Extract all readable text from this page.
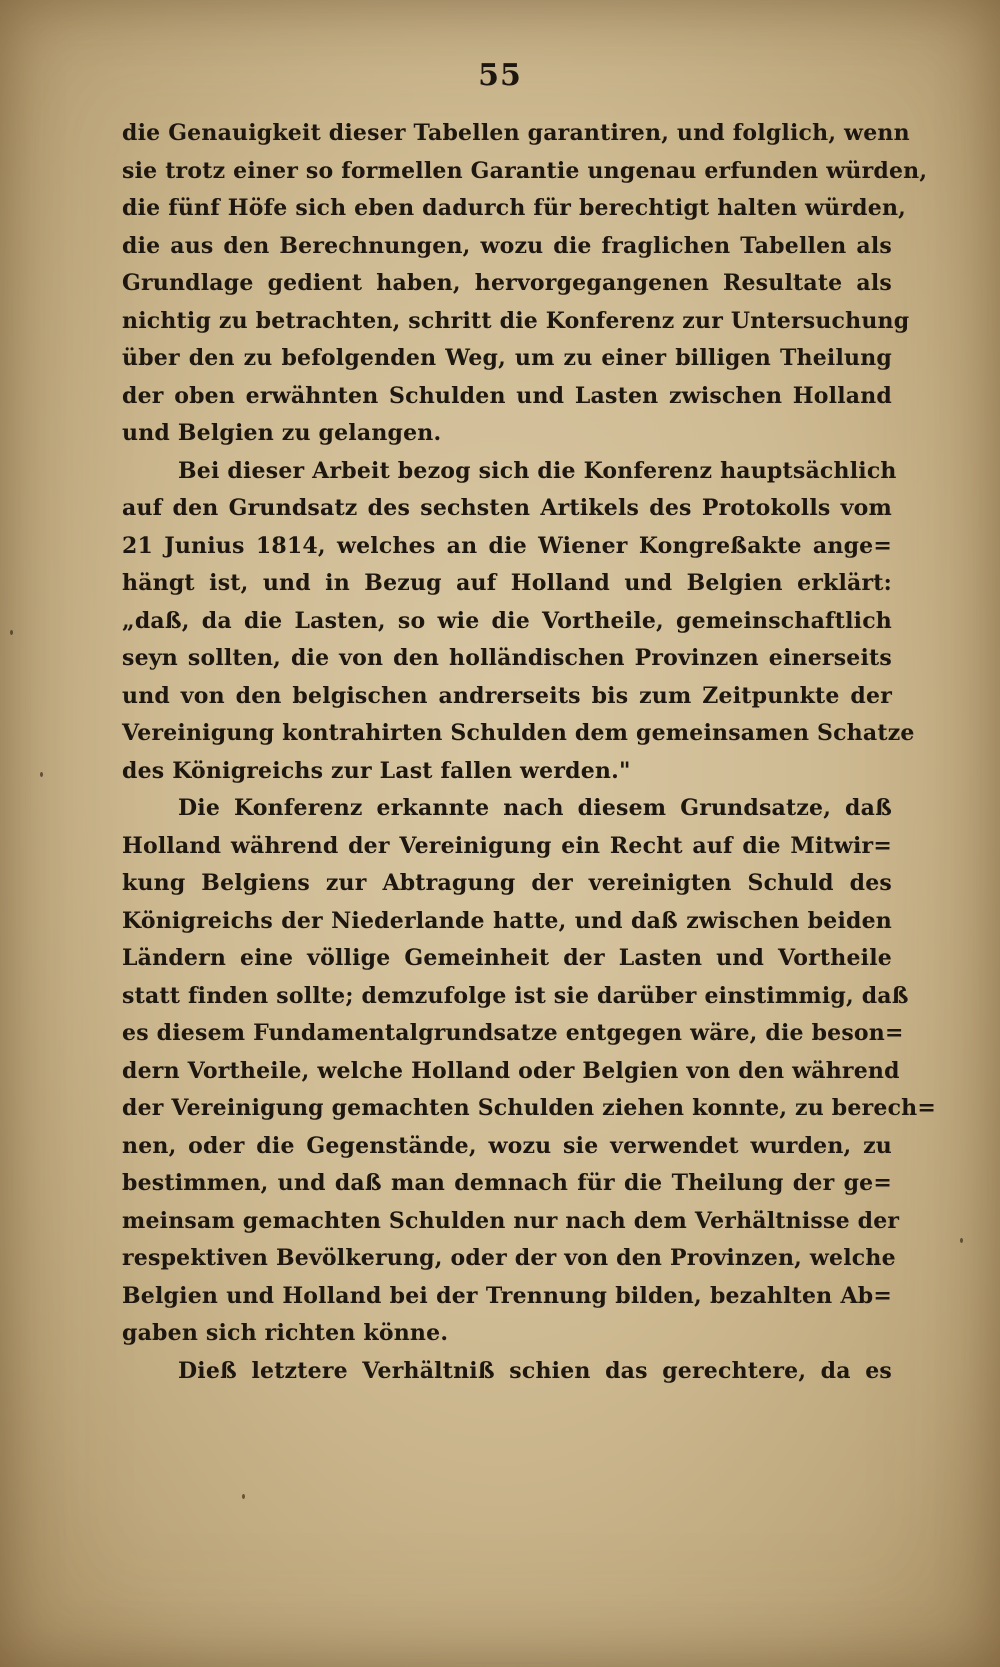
55
die Genauigkeit dieser Tabellen garantiren, und folglich, wenn
sie trotz einer so formellen Garantie ungenau erfunden würden,
die fünf Höfe sich eben dadurch für berechtigt halten würden,
die aus den Berechnungen, wozu die fraglichen Tabellen als
Grundlage gedient haben, hervorgegangenen Resultate als
nichtig zu betrachten, schritt die Konferenz zur Untersuchung
über den zu befolgenden Weg, um zu einer billigen Theilung
der oben erwähnten Schulden und Lasten zwischen Holland
und Belgien zu gelangen.
Bei dieser Arbeit bezog sich die Konferenz hauptsächlich
auf den Grundsatz des sechsten Artikels des Protokolls vom
21 Junius 1814, welches an die Wiener Kongreßakte ange=
hängt ist, und in Bezug auf Holland und Belgien erklärt:
„daß, da die Lasten, so wie die Vortheile, gemeinschaftlich
seyn sollten, die von den holländischen Provinzen einerseits
und von den belgischen andrerseits bis zum Zeitpunkte der
Vereinigung kontrahirten Schulden dem gemeinsamen Schatze
des Königreichs zur Last fallen werden."
Die Konferenz erkannte nach diesem Grundsatze, daß
Holland während der Vereinigung ein Recht auf die Mitwir=
kung Belgiens zur Abtragung der vereinigten Schuld des
Königreichs der Niederlande hatte, und daß zwischen beiden
Ländern eine völlige Gemeinheit der Lasten und Vortheile
statt finden sollte; demzufolge ist sie darüber einstimmig, daß
es diesem Fundamentalgrundsatze entgegen wäre, die beson=
dern Vortheile, welche Holland oder Belgien von den während
der Vereinigung gemachten Schulden ziehen konnte, zu berech=
nen, oder die Gegenstände, wozu sie verwendet wurden, zu
bestimmen, und daß man demnach für die Theilung der ge=
meinsam gemachten Schulden nur nach dem Verhältnisse der
respektiven Bevölkerung, oder der von den Provinzen, welche
Belgien und Holland bei der Trennung bilden, bezahlten Ab=
gaben sich richten könne.
Dieß letztere Verhältniß schien das gerechtere, da es
